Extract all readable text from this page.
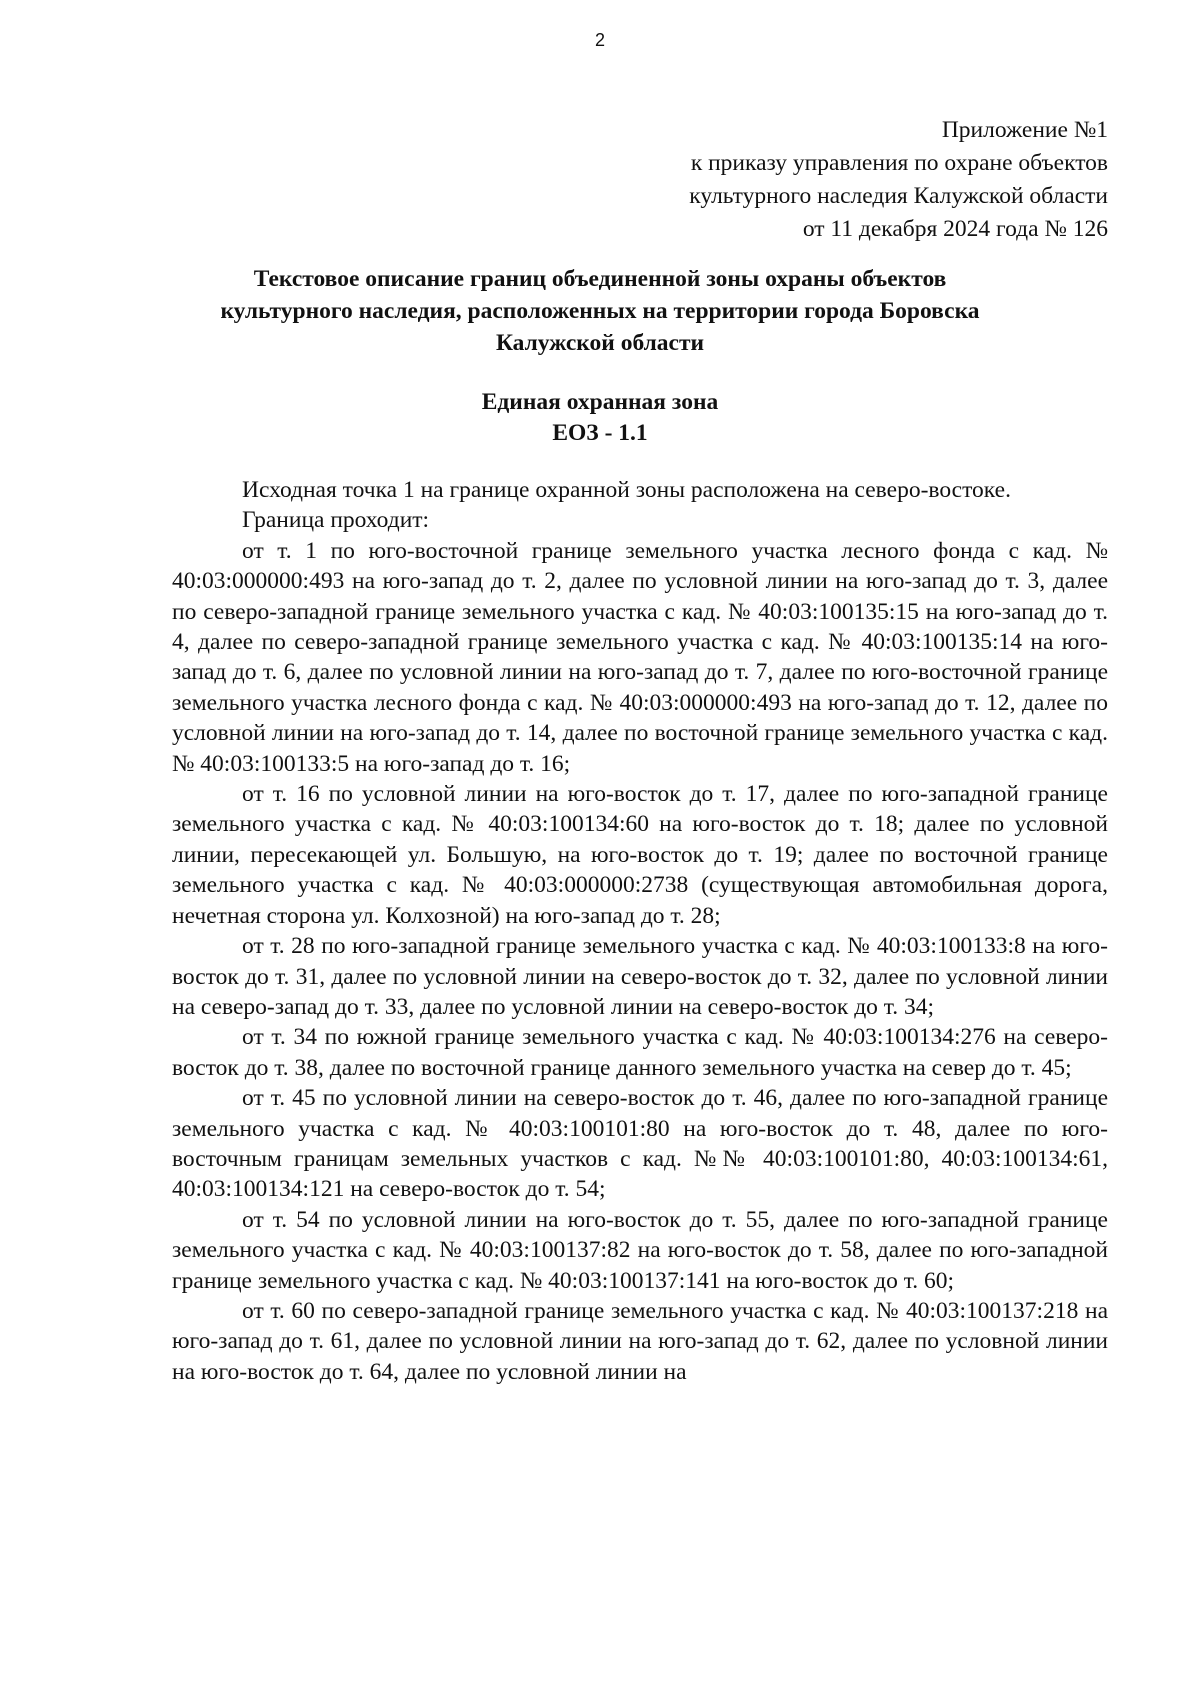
2
Приложение №1
к приказу управления по охране объектов
культурного наследия Калужской области
от 11 декабря 2024 года № 126
Текстовое описание границ объединенной зоны охраны объектов
культурного наследия, расположенных на территории города Боровска
Калужской области
Единая охранная зона
ЕОЗ - 1.1

Исходная точка 1 на границе охранной зоны расположена на северо-востоке.

Граница проходит:

от т. 1 по юго-восточной границе земельного участка лесного фонда с кад. № 40:03:000000:493 на юго-запад до т. 2, далее по условной линии на юго-запад до т. 3, далее по северо-западной границе земельного участка с кад. № 40:03:100135:15 на юго-запад до т. 4, далее по северо-западной границе земельного участка с кад. № 40:03:100135:14 на юго-запад до т. 6, далее по условной линии на юго-запад до т. 7, далее по юго-восточной границе земельного участка лесного фонда с кад. № 40:03:000000:493 на юго-запад до т. 12, далее по условной линии на юго-запад до т. 14, далее по восточной границе земельного участка с кад. № 40:03:100133:5 на юго-запад до т. 16;

от т. 16 по условной линии на юго-восток до т. 17, далее по юго-западной границе земельного участка с кад. № 40:03:100134:60 на юго-восток до т. 18; далее по условной линии, пересекающей ул. Большую, на юго-восток до т. 19; далее по восточной границе земельного участка с кад. № 40:03:000000:2738 (существующая автомобильная дорога, нечетная сторона ул. Колхозной) на юго-запад до т. 28;

от т. 28 по юго-западной границе земельного участка с кад. № 40:03:100133:8 на юго-восток до т. 31, далее по условной линии на северо-восток до т. 32, далее по условной линии на северо-запад до т. 33, далее по условной линии на северо-восток до т. 34;

от т. 34 по южной границе земельного участка с кад. № 40:03:100134:276 на северо-восток до т. 38, далее по восточной границе данного земельного участка на север до т. 45;

от т. 45 по условной линии на северо-восток до т. 46, далее по юго-западной границе земельного участка с кад. № 40:03:100101:80 на юго-восток до т. 48, далее по юго-восточным границам земельных участков с кад. №№ 40:03:100101:80, 40:03:100134:61, 40:03:100134:121 на северо-восток до т. 54;

от т. 54 по условной линии на юго-восток до т. 55, далее по юго-западной границе земельного участка с кад. № 40:03:100137:82 на юго-восток до т. 58, далее по юго-западной границе земельного участка с кад. № 40:03:100137:141 на юго-восток до т. 60;

от т. 60 по северо-западной границе земельного участка с кад. № 40:03:100137:218 на юго-запад до т. 61, далее по условной линии на юго-запад до т. 62, далее по условной линии на юго-восток до т. 64, далее по условной линии на
